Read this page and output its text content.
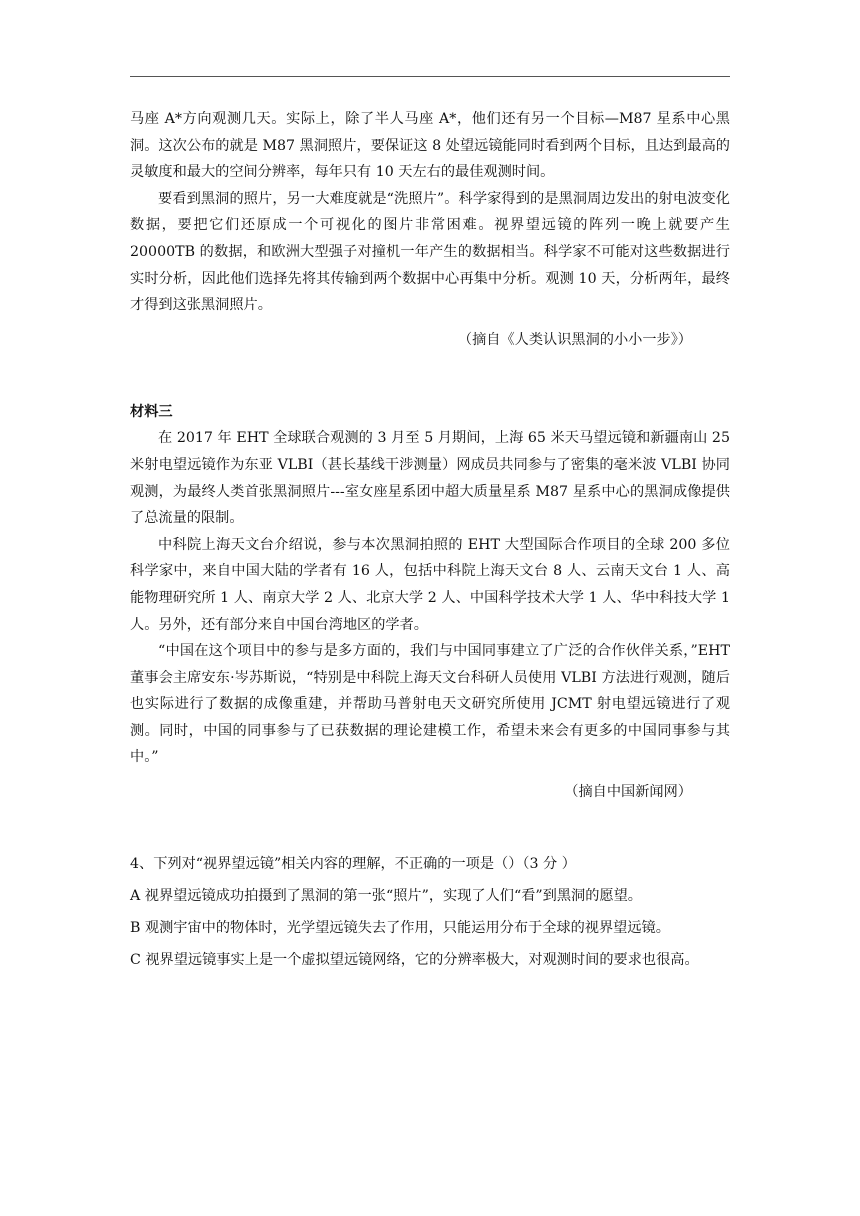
马座 A*方向观测几天。实际上，除了半人马座 A*，他们还有另一个目标—M87 星系中心黑洞。这次公布的就是 M87 黑洞照片，要保证这 8 处望远镜能同时看到两个目标，且达到最高的灵敏度和最大的空间分辨率，每年只有 10 天左右的最佳观测时间。

要看到黑洞的照片，另一大难度就是“洗照片”。科学家得到的是黑洞周边发出的射电波变化数据，要把它们还原成一个可视化的图片非常困难。视界望远镜的阵列一晚上就要产生 20000TB 的数据，和欧洲大型强子对撞机一年产生的数据相当。科学家不可能对这些数据进行实时分析，因此他们选择先将其传输到两个数据中心再集中分析。观测 10 天，分析两年，最终才得到这张黑洞照片。

（摘自《人类认识黑洞的小小一步》）

材料三

在 2017 年 EHT 全球联合观测的 3 月至 5 月期间，上海 65 米天马望远镜和新疆南山 25 米射电望远镜作为东亚 VLBI（甚长基线干涉测量）网成员共同参与了密集的毫米波 VLBI 协同观测，为最终人类首张黑洞照片---室女座星系团中超大质量星系 M87 星系中心的黑洞成像提供了总流量的限制。

中科院上海天文台介绍说，参与本次黑洞拍照的 EHT 大型国际合作项目的全球 200 多位科学家中，来自中国大陆的学者有 16 人，包括中科院上海天文台 8 人、云南天文台 1 人、高能物理研究所 1 人、南京大学 2 人、北京大学 2 人、中国科学技术大学 1 人、华中科技大学 1 人。另外，还有部分来自中国台湾地区的学者。

“中国在这个项目中的参与是多方面的，我们与中国同事建立了广泛的合作伙伴关系，”EHT 董事会主席安东·岑苏斯说，“特别是中科院上海天文台科研人员使用 VLBI 方法进行观测，随后也实际进行了数据的成像重建，并帮助马普射电天文研究所使用 JCMT 射电望远镜进行了观测。同时，中国的同事参与了已获数据的理论建模工作，希望未来会有更多的中国同事参与其中。”

（摘自中国新闻网）

4、下列对“视界望远镜”相关内容的理解，不正确的一项是（）（3 分 ）

A 视界望远镜成功拍摄到了黑洞的第一张“照片”，实现了人们“看”到黑洞的愿望。

B 观测宇宙中的物体时，光学望远镜失去了作用，只能运用分布于全球的视界望远镜。

C 视界望远镜事实上是一个虚拟望远镜网络，它的分辨率极大，对观测时间的要求也很高。
